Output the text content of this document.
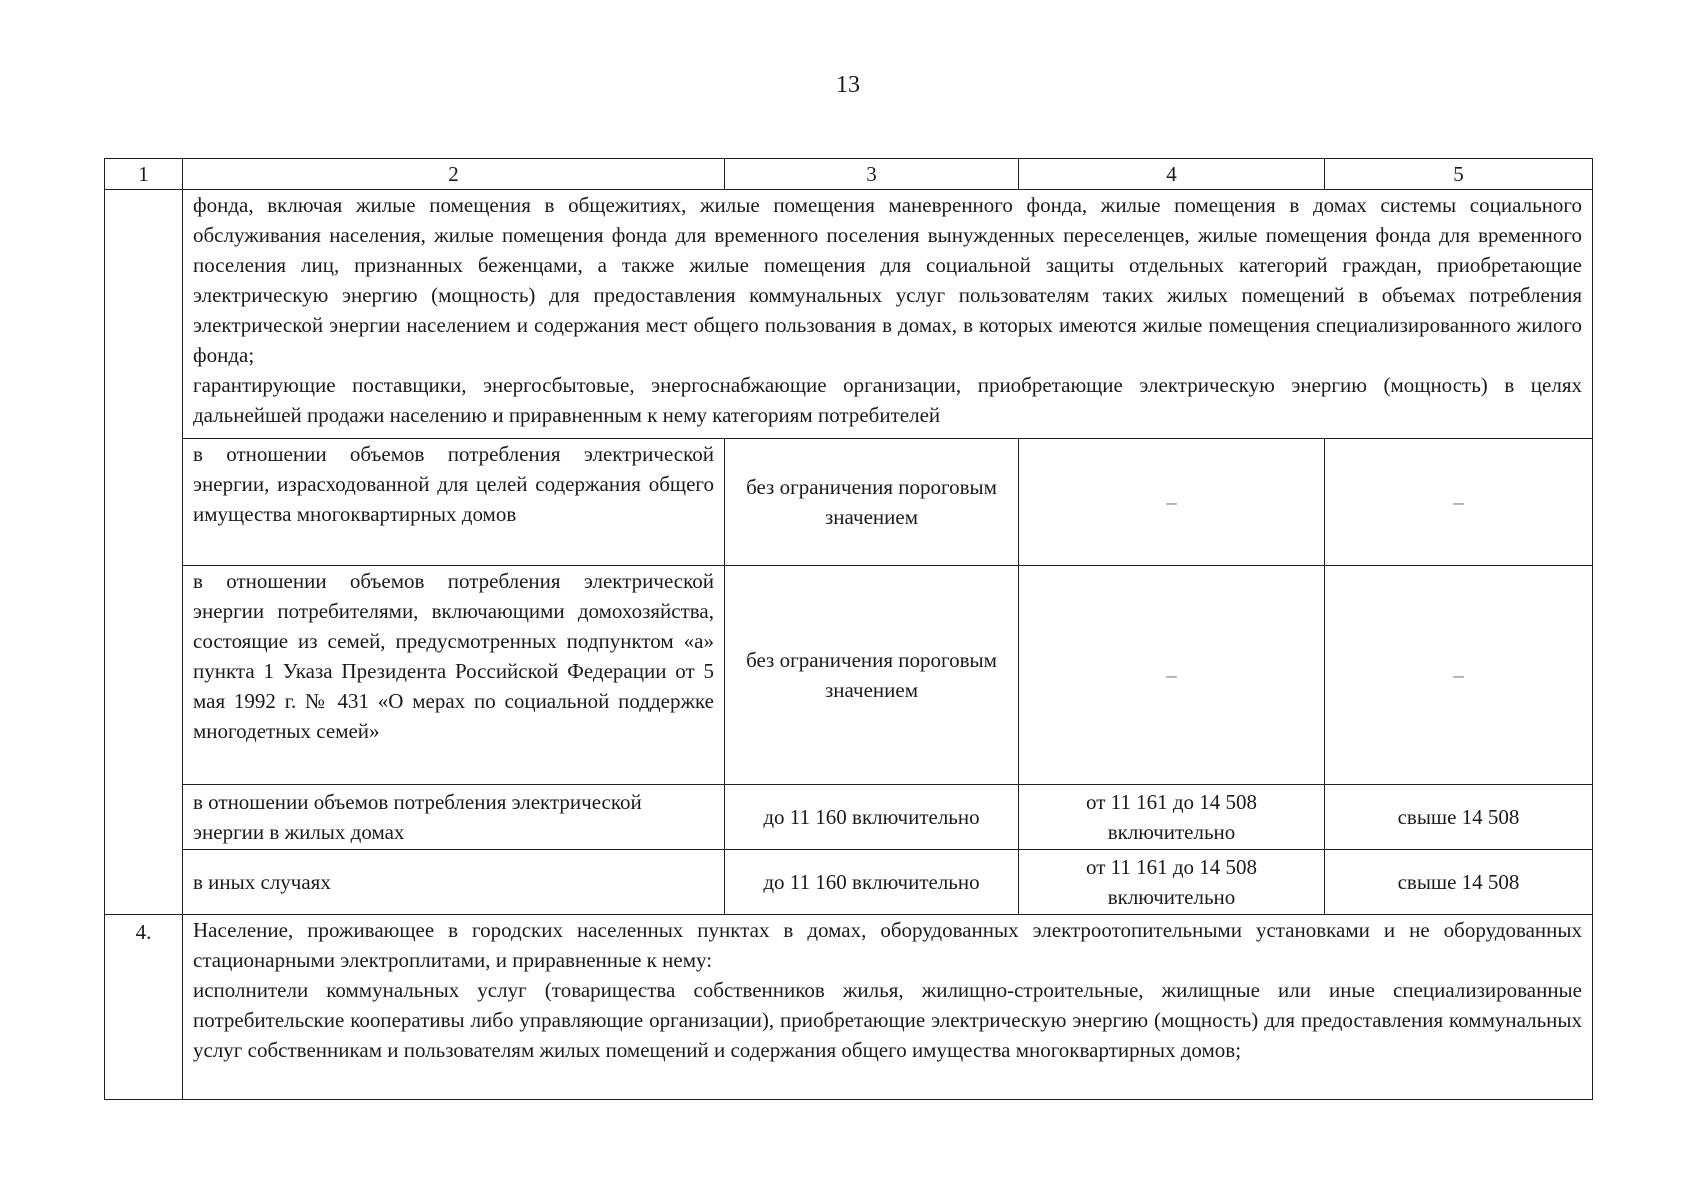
13
1	2	3	4	5

	фонда, включая жилые помещения в общежитиях, жилые помещения маневренного фонда, жилые помещения в домах системы социального обслуживания населения, жилые помещения фонда для временного поселения вынужденных переселенцев, жилые помещения фонда для временного поселения лиц, признанных беженцами, а также жилые помещения для социальной защиты отдельных категорий граждан, приобретающие электрическую энергию (мощность) для предоставления коммунальных услуг пользователям таких жилых помещений в объемах потребления электрической энергии населением и содержания мест общего пользования в домах, в которых имеются жилые помещения специализированного жилого фонда;
гарантирующие поставщики, энергосбытовые, энергоснабжающие организации, приобретающие электрическую энергию (мощность) в целях дальнейшей продажи населению и приравненным к нему категориям потребителей			

	в отношении объемов потребления электрической энергии, израсходованной для целей содержания общего имущества многоквартирных домов	без ограничения пороговым значением	–	–
	в отношении объемов потребления электрической энергии потребителями, включающими домохозяйства, состоящие из семей, предусмотренных подпунктом «а» пункта 1 Указа Президента Российской Федерации от 5 мая 1992 г. № 431 «О мерах по социальной поддержке многодетных семей»	без ограничения пороговым значением	–	–
	в отношении объемов потребления электрической энергии в жилых домах	до 11 160 включительно	от 11 161 до 14 508 включительно	свыше 14 508
	в иных случаях	до 11 160 включительно	от 11 161 до 14 508 включительно	свыше 14 508
4.	Население, проживающее в городских населенных пунктах в домах, оборудованных электроотопительными установками и не оборудованных стационарными электроплитами, и приравненные к нему:
исполнители коммунальных услуг (товарищества собственников жилья, жилищно-строительные, жилищные или иные специализированные потребительские кооперативы либо управляющие организации), приобретающие электрическую энергию (мощность) для предоставления коммунальных услуг собственникам и пользователям жилых помещений и содержания общего имущества многоквартирных домов;			
